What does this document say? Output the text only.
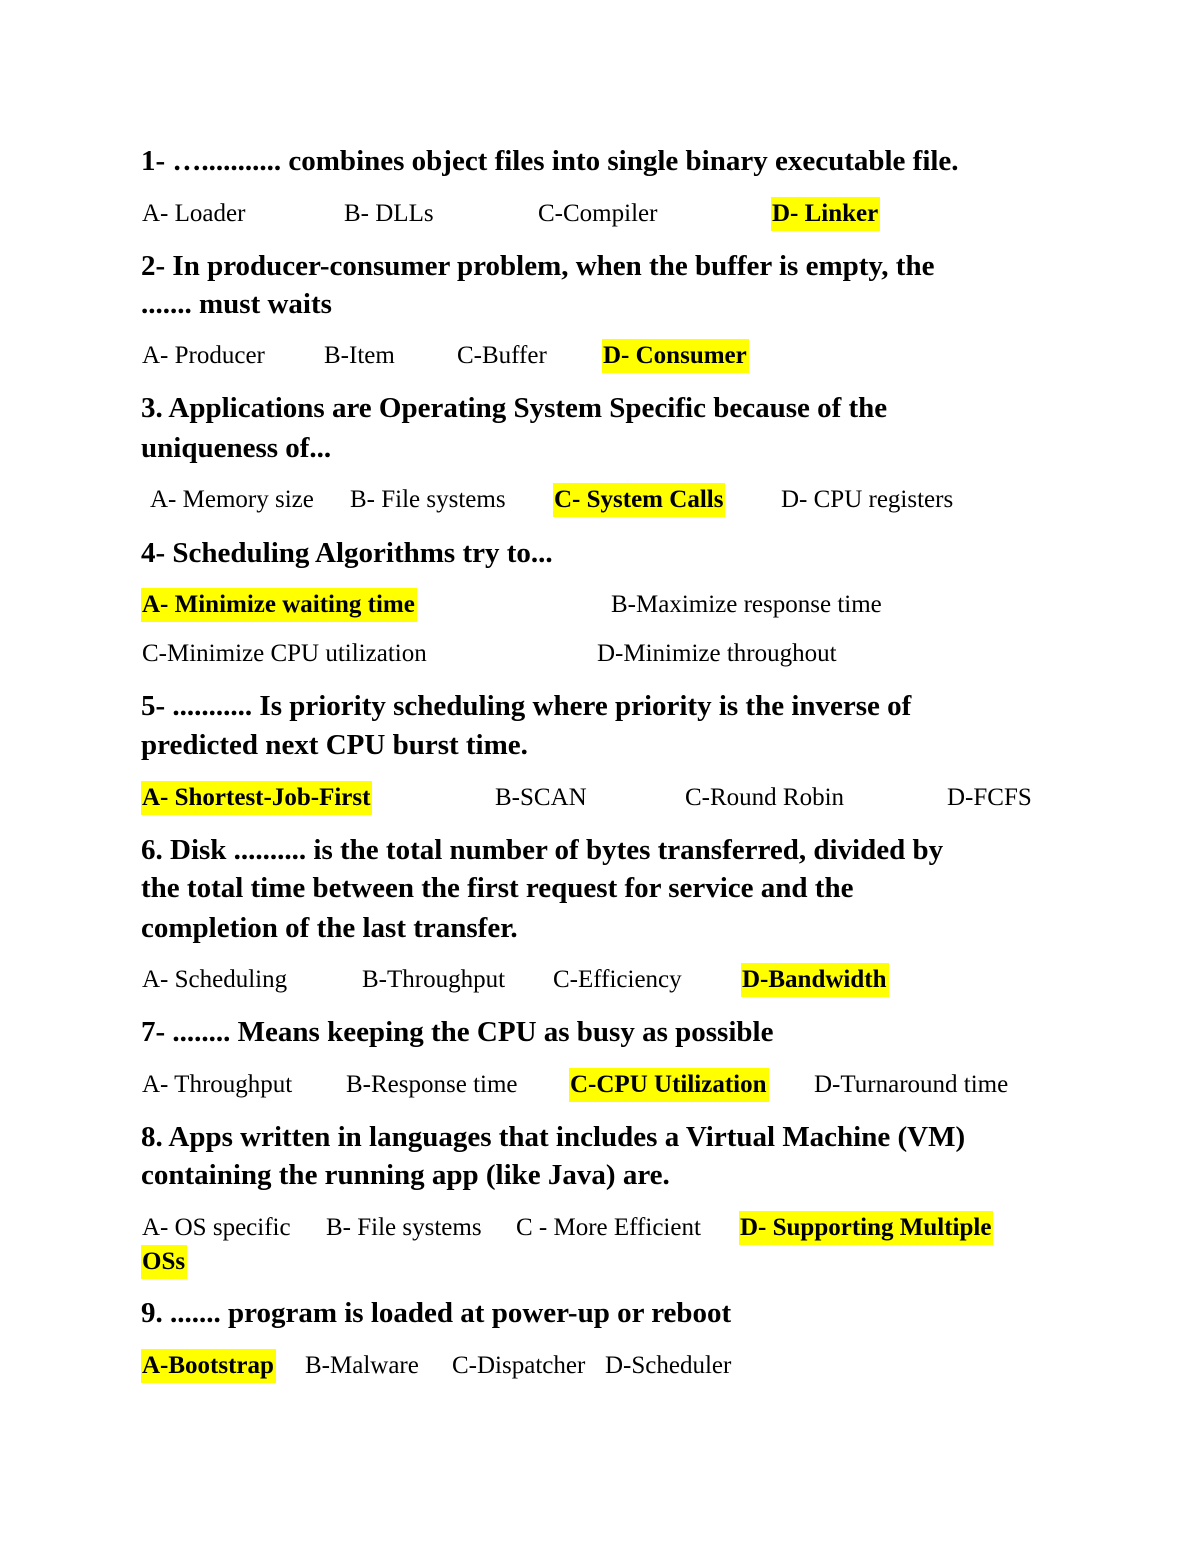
1- …........... combines object files into single binary executable file.

A- Loader	B- DLLs	C-Compiler	D- Linker

2- In producer-consumer problem, when the buffer is empty, the

....... must waits

A- Producer B-Item C-Buffer D- Consumer

3. Applications are Operating System Specific because of the

uniqueness of...

A- Memory size B- File systems C- System Calls D- CPU registers

4- Scheduling Algorithms try to...

A- Minimize waiting time	B-Maximize response time
C-Minimize CPU utilization	D-Minimize throughout

5- ........... Is priority scheduling where priority is the inverse of

predicted next CPU burst time.

A- Shortest-Job-First	B-SCAN	C-Round Robin	D-FCFS

6. Disk .......... is the total number of bytes transferred, divided by

the total time between the first request for service and the

completion of the last transfer.

A- Scheduling	B-Throughput C-Efficiency D-Bandwidth

7- ........ Means keeping the CPU as busy as possible

A- Throughput B-Response time C-CPU Utilization D-Turnaround time

8. Apps written in languages that includes a Virtual Machine (VM)

containing the running app (like Java) are.

A- OS specific B- File systems C - More Efficient D- Supporting Multiple
OSs

9. ....... program is loaded at power-up or reboot

A-Bootstrap B-Malware C-Dispatcher D-Scheduler
